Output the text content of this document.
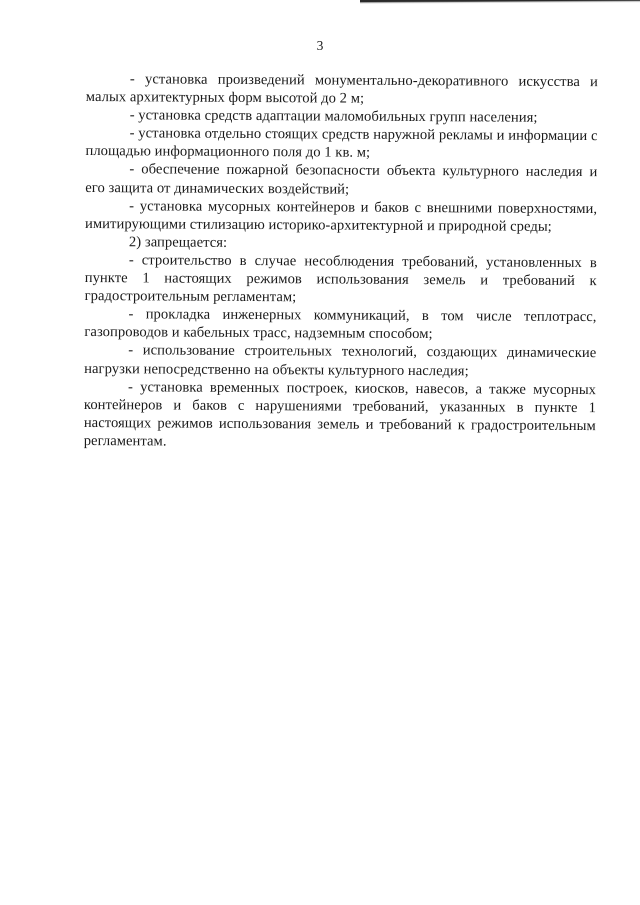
3

- установка произведений монументально-декоративного искусства и малых архитектурных форм высотой до 2 м;

- установка средств адаптации маломобильных групп населения;

- установка отдельно стоящих средств наружной рекламы и информации с площадью информационного поля до 1 кв. м;

- обеспечение пожарной безопасности объекта культурного наследия и его защита от динамических воздействий;

- установка мусорных контейнеров и баков с внешними поверхностями, имитирующими стилизацию историко-архитектурной и природной среды;

2) запрещается:

- строительство в случае несоблюдения требований, установленных в пункте 1 настоящих режимов использования земель и требований к градостроительным регламентам;

- прокладка инженерных коммуникаций, в том числе теплотрасс, газопроводов и кабельных трасс, надземным способом;

- использование строительных технологий, создающих динамические нагрузки непосредственно на объекты культурного наследия;

- установка временных построек, киосков, навесов, а также мусорных контейнеров и баков с нарушениями требований, указанных в пункте 1 настоящих режимов использования земель и требований к градостроительным регламентам.
